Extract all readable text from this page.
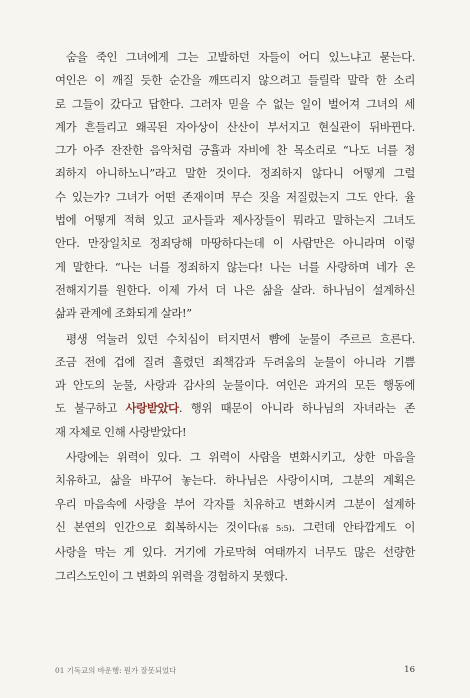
숨을 죽인 그녀에게 그는 고발하던 자들이 어디 있느냐고 묻는다.
여인은 이 깨질 듯한 순간을 깨뜨리지 않으려고 들릴락 말락 한 소리
로 그들이 갔다고 답한다. 그러자 믿을 수 없는 일이 벌어져 그녀의 세
계가 흔들리고 왜곡된 자아상이 산산이 부서지고 현실관이 뒤바뀐다.
그가 아주 잔잔한 음악처럼 긍휼과 자비에 찬 목소리로 “나도 너를 정
죄하지 아니하노니”라고 말한 것이다. 정죄하지 않다니 어떻게 그럴
수 있는가? 그녀가 어떤 존재이며 무슨 짓을 저질렀는지 그도 안다. 율
법에 어떻게 적혀 있고 교사들과 제사장들이 뭐라고 말하는지 그녀도
안다. 만장일치로 정죄당해 마땅하다는데 이 사람만은 아니라며 이렇
게 말한다. “나는 너를 정죄하지 않는다! 나는 너를 사랑하며 네가 온
전해지기를 원한다. 이제 가서 더 나은 삶을 살라. 하나님이 설계하신
삶과 관계에 조화되게 살라!”
평생 억눌러 있던 수치심이 터지면서 뺨에 눈물이 주르르 흐른다.
조금 전에 겁에 질려 흘렸던 죄책감과 두려움의 눈물이 아니라 기쁨
과 안도의 눈물, 사랑과 감사의 눈물이다. 여인은 과거의 모든 행동에
도 불구하고 사랑받았다. 행위 때문이 아니라 하나님의 자녀라는 존
재 자체로 인해 사랑받았다!
사랑에는 위력이 있다. 그 위력이 사람을 변화시키고, 상한 마음을
치유하고, 삶을 바꾸어 놓는다. 하나님은 사랑이시며, 그분의 계획은
우리 마음속에 사랑을 부어 각자를 치유하고 변화시켜 그분이 설계하
신 본연의 인간으로 회복하시는 것이다(롬 5:5). 그런데 안타깝게도 이
사랑을 막는 게 있다. 거기에 가로막혀 여태까지 너무도 많은 선량한
그리스도인이 그 변화의 위력을 경험하지 못했다.
01 기독교의 바운행: 뭔가 잘못되었다	16
